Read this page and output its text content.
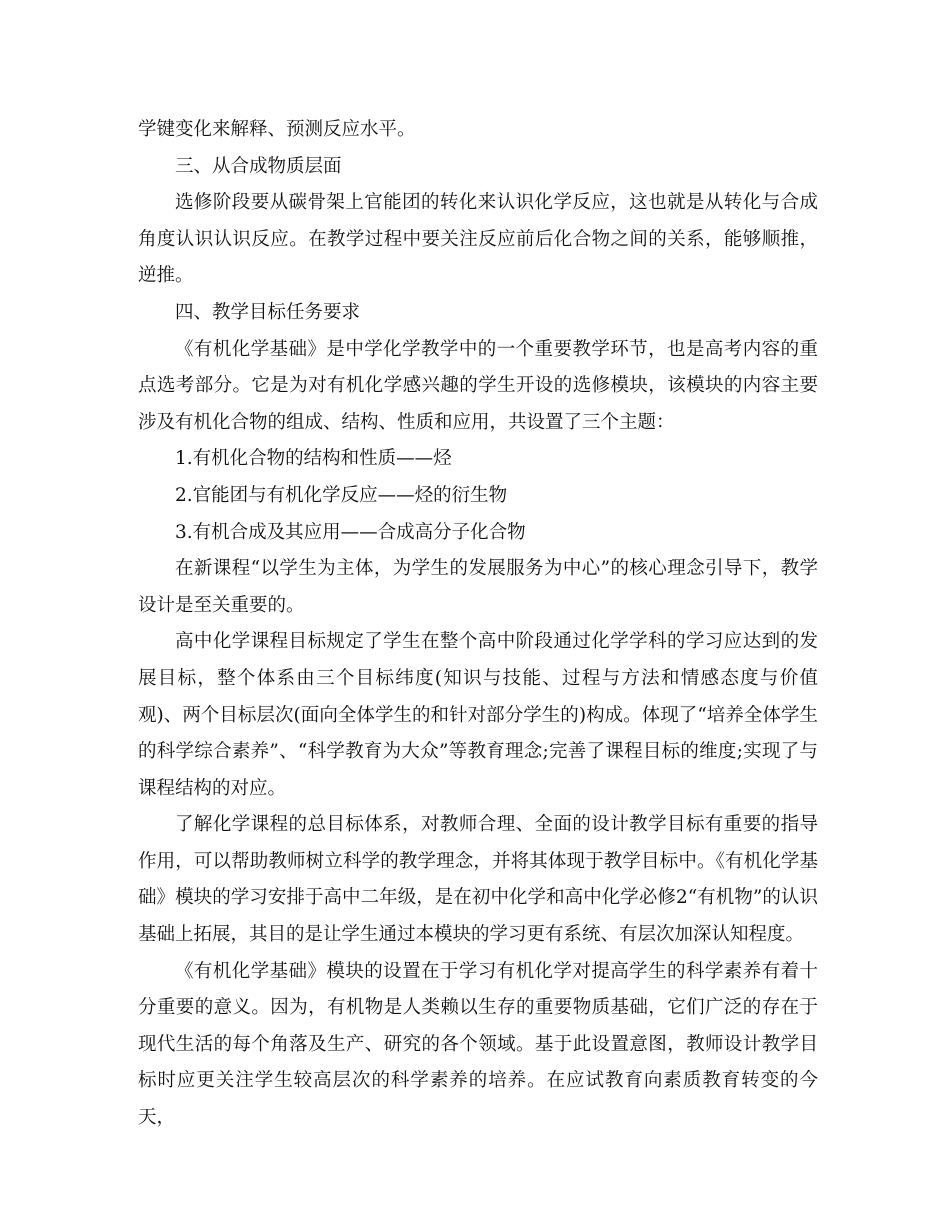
学键变化来解释、预测反应水平。

三、从合成物质层面

选修阶段要从碳骨架上官能团的转化来认识化学反应，这也就是从转化与合成角度认识认识反应。在教学过程中要关注反应前后化合物之间的关系，能够顺推，逆推。

四、教学目标任务要求

《有机化学基础》是中学化学教学中的一个重要教学环节，也是高考内容的重点选考部分。它是为对有机化学感兴趣的学生开设的选修模块，该模块的内容主要涉及有机化合物的组成、结构、性质和应用，共设置了三个主题：

1.有机化合物的结构和性质——烃

2.官能团与有机化学反应——烃的衍生物

3.有机合成及其应用——合成高分子化合物

在新课程“以学生为主体，为学生的发展服务为中心”的核心理念引导下，教学设计是至关重要的。

高中化学课程目标规定了学生在整个高中阶段通过化学学科的学习应达到的发展目标，整个体系由三个目标纬度(知识与技能、过程与方法和情感态度与价值观)、两个目标层次(面向全体学生的和针对部分学生的)构成。体现了“培养全体学生的科学综合素养”、“科学教育为大众”等教育理念;完善了课程目标的维度;实现了与课程结构的对应。

了解化学课程的总目标体系，对教师合理、全面的设计教学目标有重要的指导作用，可以帮助教师树立科学的教学理念，并将其体现于教学目标中。《有机化学基础》模块的学习安排于高中二年级，是在初中化学和高中化学必修2“有机物”的认识基础上拓展，其目的是让学生通过本模块的学习更有系统、有层次加深认知程度。

《有机化学基础》模块的设置在于学习有机化学对提高学生的科学素养有着十分重要的意义。因为，有机物是人类赖以生存的重要物质基础，它们广泛的存在于现代生活的每个角落及生产、研究的各个领域。基于此设置意图，教师设计教学目标时应更关注学生较高层次的科学素养的培养。在应试教育向素质教育转变的今天，
